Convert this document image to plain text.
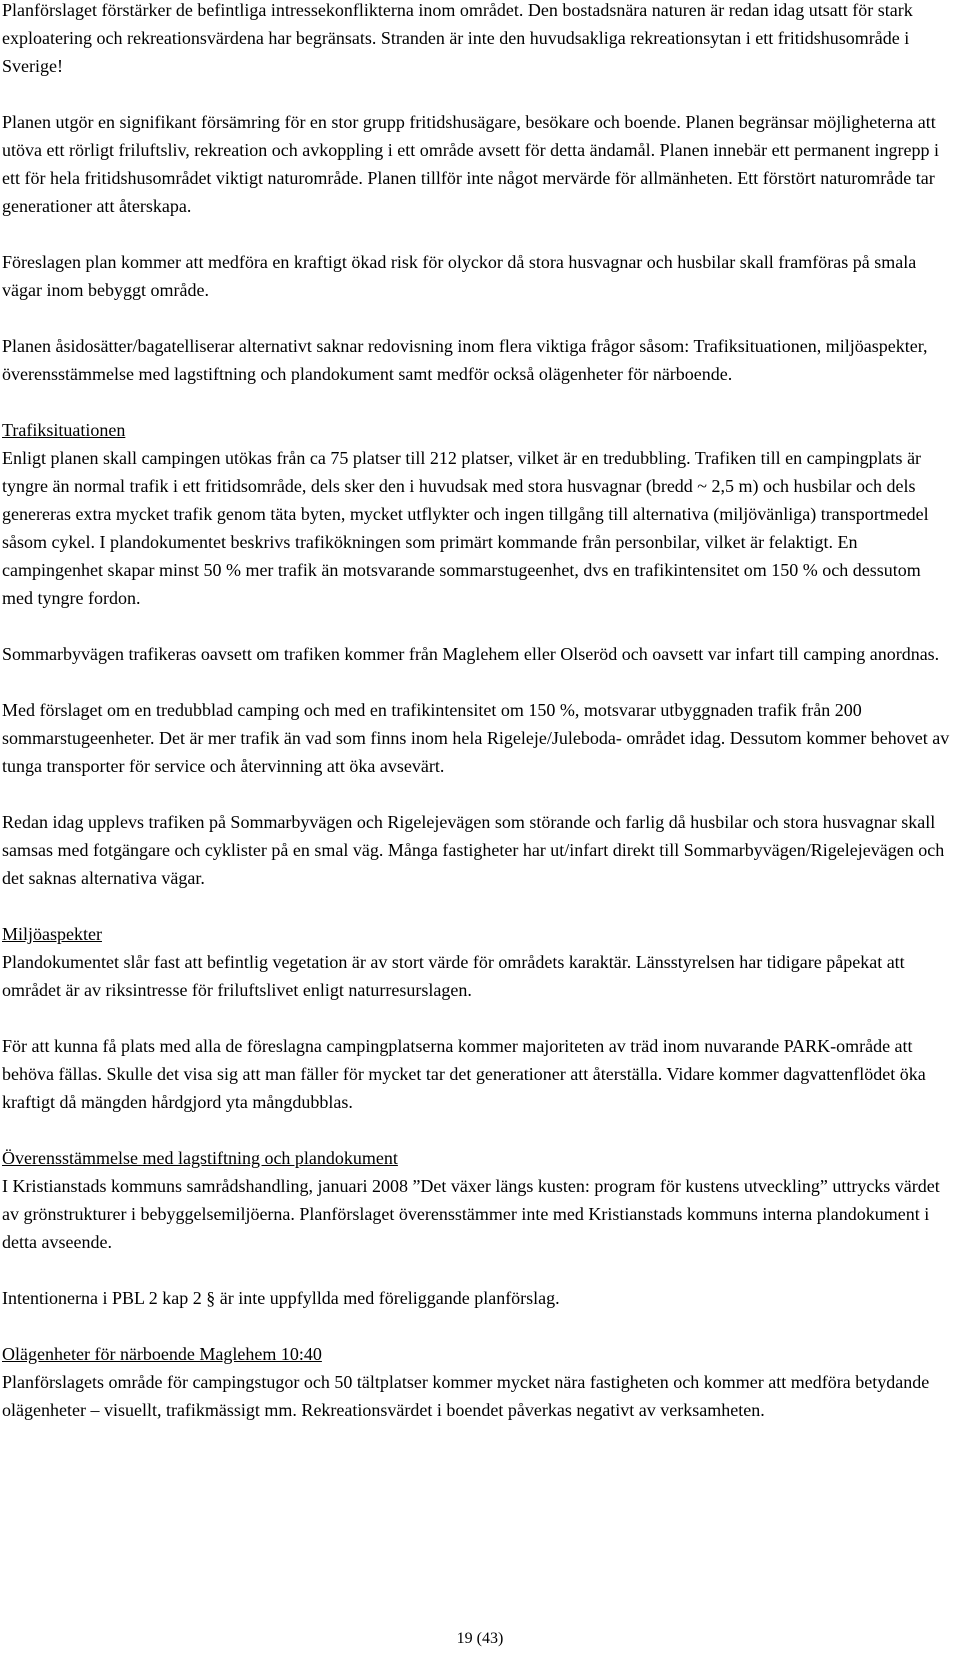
Planförslaget förstärker de befintliga intressekonflikterna inom området. Den bostadsnära naturen är redan idag utsatt för stark exploatering och rekreationsvärdena har begränsats. Stranden är inte den huvudsakliga rekreationsytan i ett fritidshusområde i Sverige!

Planen utgör en signifikant försämring för en stor grupp fritidshusägare, besökare och boende. Planen begränsar möjligheterna att utöva ett rörligt friluftsliv, rekreation och avkoppling i ett område avsett för detta ändamål. Planen innebär ett permanent ingrepp i ett för hela fritidshusområdet viktigt naturområde. Planen tillför inte något mervärde för allmänheten. Ett förstört naturområde tar generationer att återskapa.

Föreslagen plan kommer att medföra en kraftigt ökad risk för olyckor då stora husvagnar och husbilar skall framföras på smala vägar inom bebyggt område.

Planen åsidosätter/bagatelliserar alternativt saknar redovisning inom flera viktiga frågor såsom: Trafiksituationen, miljöaspekter, överensstämmelse med lagstiftning och plandokument samt medför också olägenheter för närboende.

Trafiksituationen
Enligt planen skall campingen utökas från ca 75 platser till 212 platser, vilket är en tredubbling. Trafiken till en campingplats är tyngre än normal trafik i ett fritidsområde, dels sker den i huvudsak med stora husvagnar (bredd ~ 2,5 m) och husbilar och dels genereras extra mycket trafik genom täta byten, mycket utflykter och ingen tillgång till alternativa (miljövänliga) transportmedel såsom cykel. I plandokumentet beskrivs trafikökningen som primärt kommande från personbilar, vilket är felaktigt. En campingenhet skapar minst 50 % mer trafik än motsvarande sommarstugeenhet, dvs en trafikintensitet om 150 % och dessutom med tyngre fordon.

Sommarbyvägen trafikeras oavsett om trafiken kommer från Maglehem eller Olseröd och oavsett var infart till camping anordnas.

Med förslaget om en tredubblad camping och med en trafikintensitet om 150 %, motsvarar utbyggnaden trafik från 200 sommarstugeenheter. Det är mer trafik än vad som finns inom hela Rigeleje/Juleboda- området idag. Dessutom kommer behovet av tunga transporter för service och återvinning att öka avsevärt.

Redan idag upplevs trafiken på Sommarbyvägen och Rigelejevägen som störande och farlig då husbilar och stora husvagnar skall samsas med fotgängare och cyklister på en smal väg. Många fastigheter har ut/infart direkt till Sommarbyvägen/Rigelejevägen och det saknas alternativa vägar.

Miljöaspekter
Plandokumentet slår fast att befintlig vegetation är av stort värde för områdets karaktär. Länsstyrelsen har tidigare påpekat att området är av riksintresse för friluftslivet enligt naturresurslagen.

För att kunna få plats med alla de föreslagna campingplatserna kommer majoriteten av träd inom nuvarande PARK-område att behöva fällas. Skulle det visa sig att man fäller för mycket tar det generationer att återställa. Vidare kommer dagvattenflödet öka kraftigt då mängden hårdgjord yta mångdubblas.

Överensstämmelse med lagstiftning och plandokument
I Kristianstads kommuns samrådshandling, januari 2008 ”Det växer längs kusten: program för kustens utveckling” uttrycks värdet av grönstrukturer i bebyggelsemiljöerna. Planförslaget överensstämmer inte med Kristianstads kommuns interna plandokument i detta avseende.

Intentionerna i PBL 2 kap 2 § är inte uppfyllda med föreliggande planförslag.

Olägenheter för närboende Maglehem 10:40
Planförslagets område för campingstugor och 50 tältplatser kommer mycket nära fastigheten och kommer att medföra betydande olägenheter – visuellt, trafikmässigt mm. Rekreationsvärdet i boendet påverkas negativt av verksamheten.

19 (43)
